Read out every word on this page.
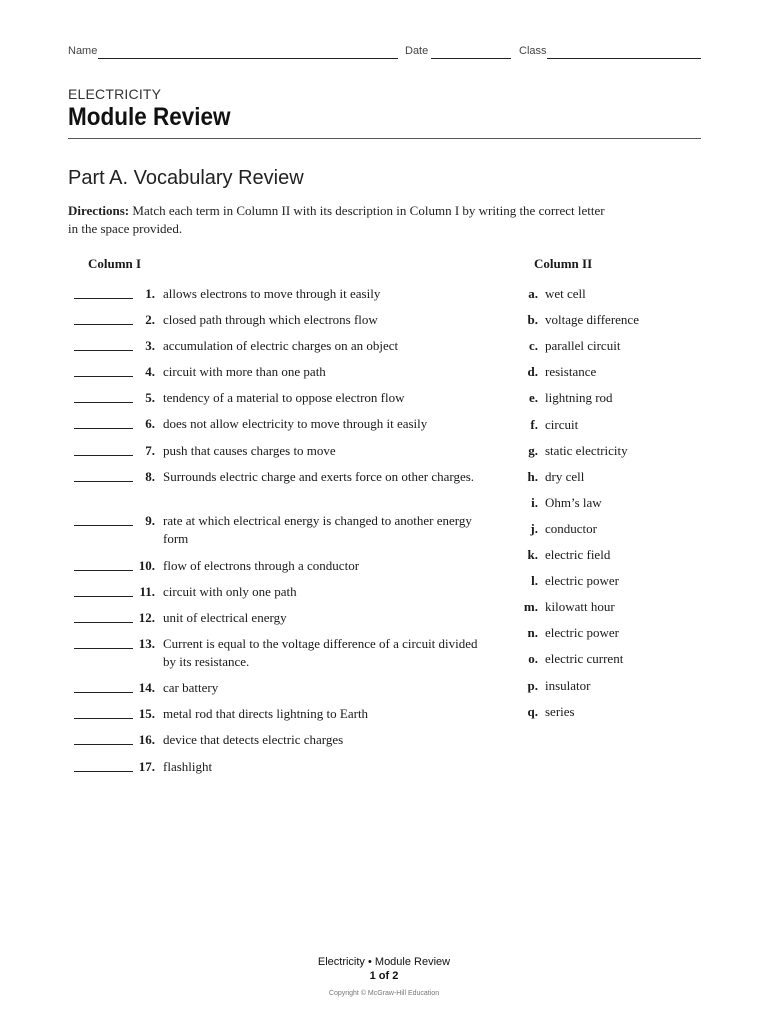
Name	Date	Class
ELECTRICITY
Module Review
Part A. Vocabulary Review
Directions: Match each term in Column II with its description in Column I by writing the correct letter in the space provided.
Column I	Column II
1. allows electrons to move through it easily
2. closed path through which electrons flow
3. accumulation of electric charges on an object
4. circuit with more than one path
5. tendency of a material to oppose electron flow
6. does not allow electricity to move through it easily
7. push that causes charges to move
8. Surrounds electric charge and exerts force on other charges.
9. rate at which electrical energy is changed to another energy form
10. flow of electrons through a conductor
11. circuit with only one path
12. unit of electrical energy
13. Current is equal to the voltage difference of a circuit divided by its resistance.
14. car battery
15. metal rod that directs lightning to Earth
16. device that detects electric charges
17. flashlight
a. wet cell
b. voltage difference
c. parallel circuit
d. resistance
e. lightning rod
f. circuit
g. static electricity
h. dry cell
i. Ohm’s law
j. conductor
k. electric field
l. electric power
m. kilowatt hour
n. electric power
o. electric current
p. insulator
q. series
Electricity • Module Review
1 of 2
Copyright © McGraw-Hill Education
